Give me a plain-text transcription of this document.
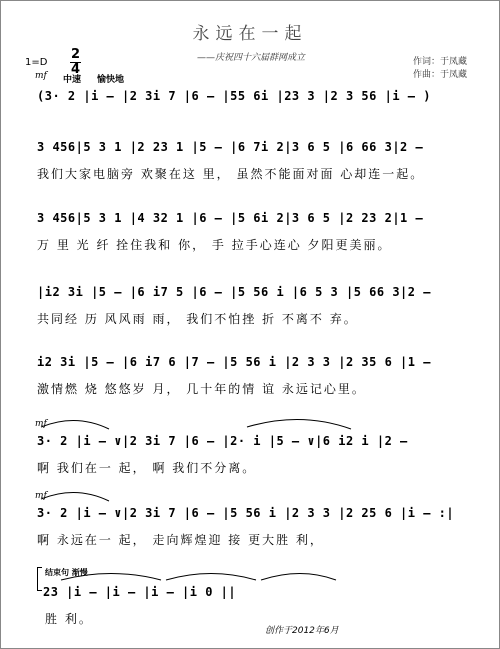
永远在一起
——庆祝四十六届群网成立	作词：于凤藏
作曲：于凤藏
1=D
2
4
mf 中速 愉快地
(3· 2 |i – |2 3i 7 |6 – |55 6i |23 3 |2 3 56 |i – )
3 456|5 3 1 |2 23 1 |5 – |6 7i 2|3 6 5 |6 66 3|2 –
我们大家电脑旁 欢聚在这 里， 虽然不能面对面 心却连一起。
3 456|5 3 1 |4 32 1 |6 – |5 6i 2|3 6 5 |2 23 2|1 –
万 里 光 纤 拴住我和 你， 手 拉手心连心 夕阳更美丽。
|i2 3i |5 – |6 i7 5 |6 – |5 56 i |6 5 3 |5 66 3|2 –
共同经 历 风风雨 雨， 我们不怕挫 折 不离不 弃。
i2 3i |5 – |6 i7 6 |7 – |5 56 i |2 3 3 |2 35 6 |1 –
激情燃 烧 悠悠岁 月， 几十年的情 谊 永远记心里。
mf
3· 2 |i – ∨|2 3i 7 |6 – |2· i |5 – ∨|6 i2 i |2 –
啊 我们在一 起， 啊 我们不分离。
mf
3· 2 |i – ∨|2 3i 7 |6 – |5 56 i |2 3 3 |2 25 6 |i – :|
啊 永远在一 起， 走向辉煌迎 接 更大胜 利，
结束句 渐慢
23 |i – |i – |i – |i 0 ||
胜 利。
创作于2012年6月
